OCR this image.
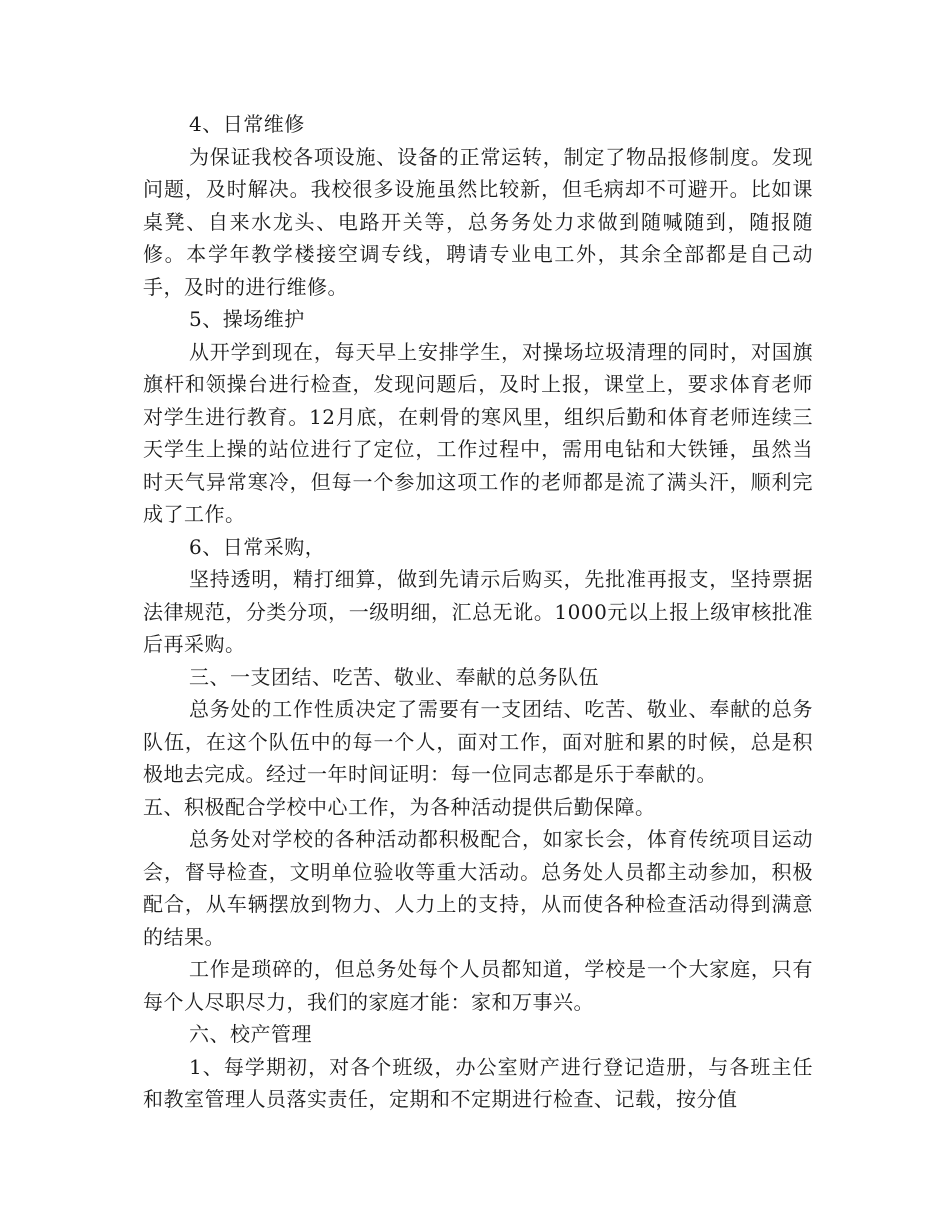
4、日常维修

为保证我校各项设施、设备的正常运转，制定了物品报修制度。发现问题，及时解决。我校很多设施虽然比较新，但毛病却不可避开。比如课桌凳、自来水龙头、电路开关等，总务务处力求做到随喊随到，随报随修。本学年教学楼接空调专线，聘请专业电工外，其余全部都是自己动手，及时的进行维修。

5、操场维护

从开学到现在，每天早上安排学生，对操场垃圾清理的同时，对国旗旗杆和领操台进行检查，发现问题后，及时上报，课堂上，要求体育老师对学生进行教育。12月底，在剌骨的寒风里，组织后勤和体育老师连续三天学生上操的站位进行了定位，工作过程中，需用电钻和大铁锤，虽然当时天气异常寒冷，但每一个参加这项工作的老师都是流了满头汗，顺利完成了工作。

6、日常采购，

坚持透明，精打细算，做到先请示后购买，先批准再报支，坚持票据法律规范，分类分项，一级明细，汇总无讹。1000元以上报上级审核批准后再采购。

三、一支团结、吃苦、敬业、奉献的总务队伍

总务处的工作性质决定了需要有一支团结、吃苦、敬业、奉献的总务队伍，在这个队伍中的每一个人，面对工作，面对脏和累的时候，总是积极地去完成。经过一年时间证明：每一位同志都是乐于奉献的。

五、积极配合学校中心工作，为各种活动提供后勤保障。

总务处对学校的各种活动都积极配合，如家长会，体育传统项目运动会，督导检查，文明单位验收等重大活动。总务处人员都主动参加，积极配合，从车辆摆放到物力、人力上的支持，从而使各种检查活动得到满意的结果。

工作是琐碎的，但总务处每个人员都知道，学校是一个大家庭，只有每个人尽职尽力，我们的家庭才能：家和万事兴。

六、校产管理

1、每学期初，对各个班级，办公室财产进行登记造册，与各班主任和教室管理人员落实责任，定期和不定期进行检查、记载，按分值
